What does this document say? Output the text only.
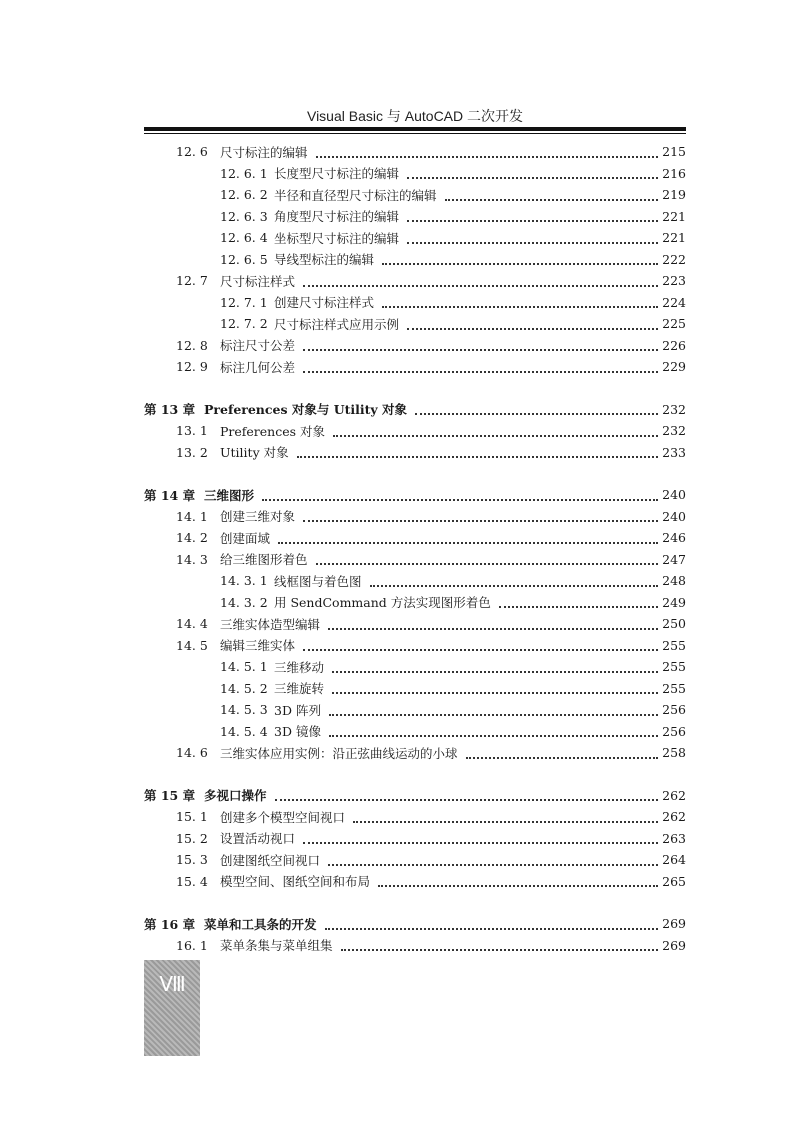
Visual Basic 与 AutoCAD 二次开发
12. 6 尺寸标注的编辑	215
12. 6. 1 长度型尺寸标注的编辑	216
12. 6. 2 半径和直径型尺寸标注的编辑	219
12. 6. 3 角度型尺寸标注的编辑	221
12. 6. 4 坐标型尺寸标注的编辑	221
12. 6. 5 导线型标注的编辑	222
12. 7 尺寸标注样式	223
12. 7. 1 创建尺寸标注样式	224
12. 7. 2 尺寸标注样式应用示例	225
12. 8 标注尺寸公差	226
12. 9 标注几何公差	229
第 13 章 Preferences 对象与 Utility 对象	232
13. 1 Preferences 对象	232
13. 2 Utility 对象	233
第 14 章 三维图形	240
14. 1 创建三维对象	240
14. 2 创建面域	246
14. 3 给三维图形着色	247
14. 3. 1 线框图与着色图	248
14. 3. 2 用 SendCommand 方法实现图形着色	249
14. 4 三维实体造型编辑	250
14. 5 编辑三维实体	255
14. 5. 1 三维移动	255
14. 5. 2 三维旋转	255
14. 5. 3 3D 阵列	256
14. 5. 4 3D 镜像	256
14. 6 三维实体应用实例：沿正弦曲线运动的小球	258
第 15 章 多视口操作	262
15. 1 创建多个模型空间视口	262
15. 2 设置活动视口	263
15. 3 创建图纸空间视口	264
15. 4 模型空间、图纸空间和布局	265
第 16 章 菜单和工具条的开发	269
16. 1 菜单条集与菜单组集	269
Ⅷ
